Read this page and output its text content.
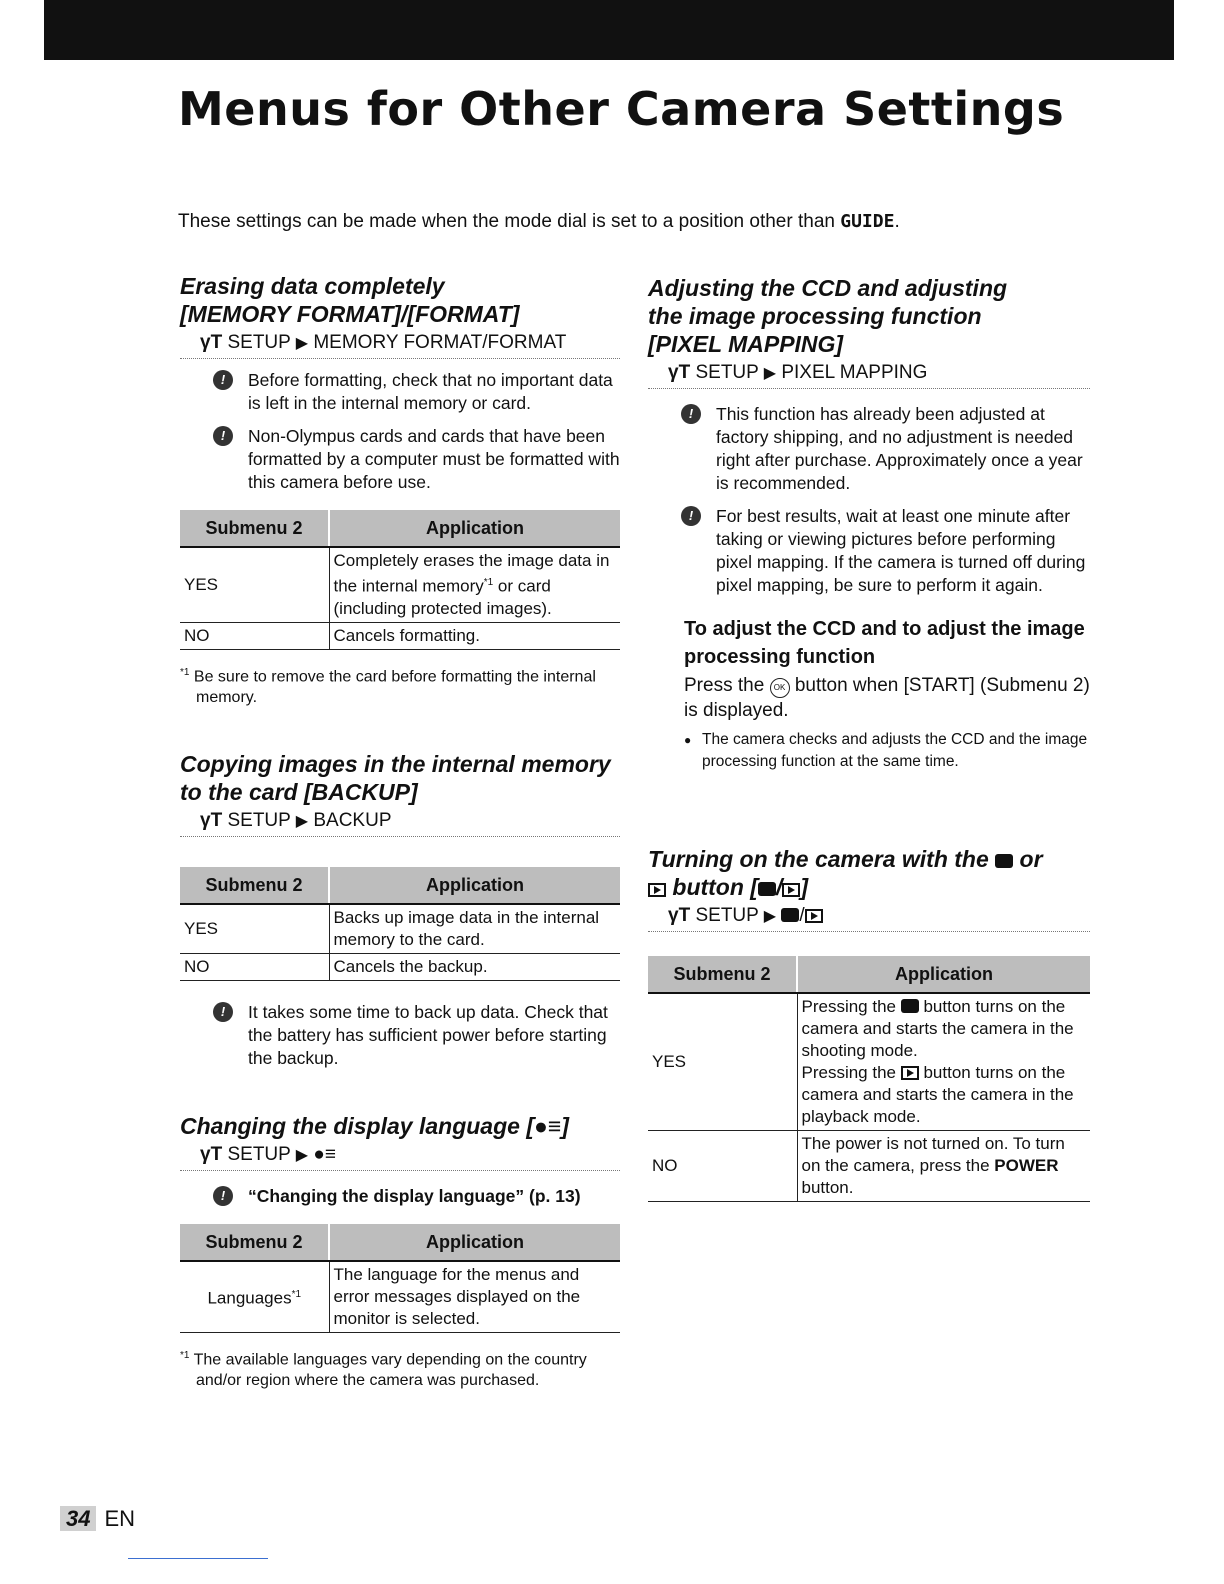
Menus for Other Camera Settings

These settings can be made when the mode dial is set to a position other than GUIDE.

Erasing data completely
[MEMORY FORMAT]/[FORMAT]
γT SETUP ▶ MEMORY FORMAT/FORMAT
!	Before formatting, check that no important data is left in the internal memory or card.
!	Non-Olympus cards and cards that have been formatted by a computer must be formatted with this camera before use.
Submenu 2	Application
YES	Completely erases the image data in the internal memory$^{*1}$ or card (including protected images).
NO	Cancels formatting.
$^{*1}$ Be sure to remove the card before formatting the internal memory.
Copying images in the internal memory
to the card [BACKUP]
γT SETUP ▶ BACKUP
Submenu 2	Application
YES	Backs up image data in the internal memory to the card.
NO	Cancels the backup.
!	It takes some time to back up data. Check that the battery has sufficient power before starting the backup.
Changing the display language [●≡]
γT SETUP ▶ ●≡
!	“Changing the display language” (p. 13)
Submenu 2	Application
Languages$^{*1}$	The language for the menus and error messages displayed on the monitor is selected.
$^{*1}$ The available languages vary depending on the country and/or region where the camera was purchased.
Adjusting the CCD and adjusting
the image processing function
[PIXEL MAPPING]
γT SETUP ▶ PIXEL MAPPING
!	This function has already been adjusted at factory shipping, and no adjustment is needed right after purchase. Approximately once a year is recommended.
!	For best results, wait at least one minute after taking or viewing pictures before performing pixel mapping. If the camera is turned off during pixel mapping, be sure to perform it again.
To adjust the CCD and to adjust the image processing function

Press the OK button when [START] (Submenu 2) is displayed.

● The camera checks and adjusts the CCD and the image processing function at the same time.
Turning on the camera with the  or
button [ / ]
γT SETUP ▶ /
Submenu 2	Application
YES	Pressing the  button turns on the camera and starts the camera in the shooting mode.
Pressing the  button turns on the camera and starts the camera in the playback mode.
NO	The power is not turned on. To turn on the camera, press the POWER button.
34 EN
